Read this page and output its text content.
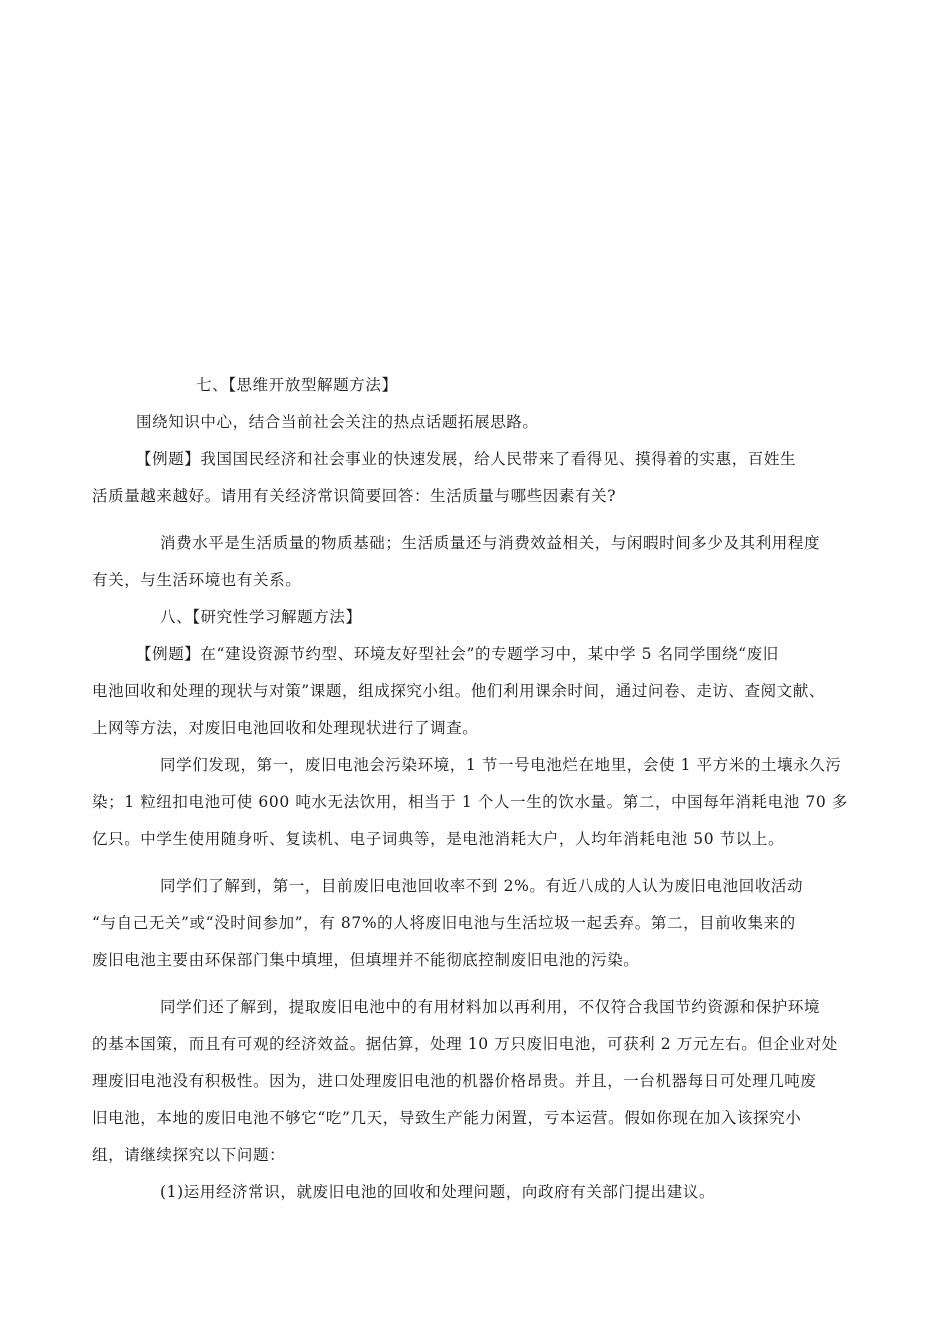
七、【思维开放型解题方法】
围绕知识中心，结合当前社会关注的热点话题拓展思路。
【例题】我国国民经济和社会事业的快速发展，给人民带来了看得见、摸得着的实惠，百姓生
活质量越来越好。请用有关经济常识简要回答：生活质量与哪些因素有关?
消费水平是生活质量的物质基础；生活质量还与消费效益相关，与闲暇时间多少及其利用程度
有关，与生活环境也有关系。
八、【研究性学习解题方法】
【例题】在“建设资源节约型、环境友好型社会”的专题学习中，某中学 5 名同学围绕“废旧
电池回收和处理的现状与对策”课题，组成探究小组。他们利用课余时间，通过问卷、走访、查阅文献、
上网等方法，对废旧电池回收和处理现状进行了调查。
同学们发现，第一，废旧电池会污染环境，1 节一号电池烂在地里，会使 1 平方米的土壤永久污
染；1 粒纽扣电池可使 600 吨水无法饮用，相当于 1 个人一生的饮水量。第二，中国每年消耗电池 70 多
亿只。中学生使用随身听、复读机、电子词典等，是电池消耗大户，人均年消耗电池 50 节以上。
同学们了解到，第一，目前废旧电池回收率不到 2%。有近八成的人认为废旧电池回收活动
“与自己无关”或“没时间参加”，有 87%的人将废旧电池与生活垃圾一起丢弃。第二，目前收集来的
废旧电池主要由环保部门集中填埋，但填埋并不能彻底控制废旧电池的污染。
同学们还了解到，提取废旧电池中的有用材料加以再利用，不仅符合我国节约资源和保护环境
的基本国策，而且有可观的经济效益。据估算，处理 10 万只废旧电池，可获利 2 万元左右。但企业对处
理废旧电池没有积极性。因为，进口处理废旧电池的机器价格昂贵。并且，一台机器每日可处理几吨废
旧电池，本地的废旧电池不够它“吃”几天，导致生产能力闲置，亏本运营。假如你现在加入该探究小
组，请继续探究以下问题：
(1)运用经济常识，就废旧电池的回收和处理问题，向政府有关部门提出建议。
